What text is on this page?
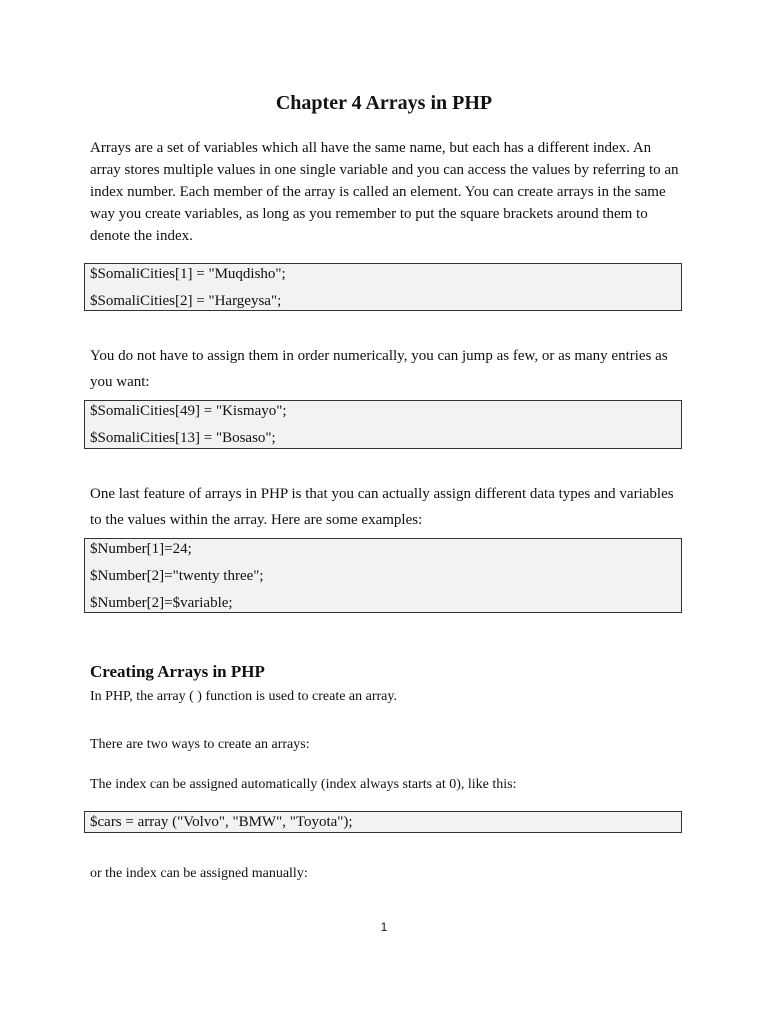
Chapter 4 Arrays in PHP
Arrays are a set of variables which all have the same name, but each has a different index. An array stores multiple values in one single variable and you can access the values by referring to an index number. Each member of the array is called an element. You can create arrays in the same way you create variables, as long as you remember to put the square brackets around them to denote the index.
$SomaliCities[1] = "Muqdisho";
$SomaliCities[2] = "Hargeysa";
You do not have to assign them in order numerically, you can jump as few, or as many entries as you want:
$SomaliCities[49] = "Kismayo";
$SomaliCities[13] = "Bosaso";
One last feature of arrays in PHP is that you can actually assign different data types and variables to the values within the array. Here are some examples:
$Number[1]=24;
$Number[2]="twenty three";
$Number[2]=$variable;
Creating Arrays in PHP
In PHP, the array ( ) function is used to create an array.
There are two ways to create an arrays:
The index can be assigned automatically (index always starts at 0), like this:
$cars = array ("Volvo", "BMW", "Toyota");
or the index can be assigned manually:
1
